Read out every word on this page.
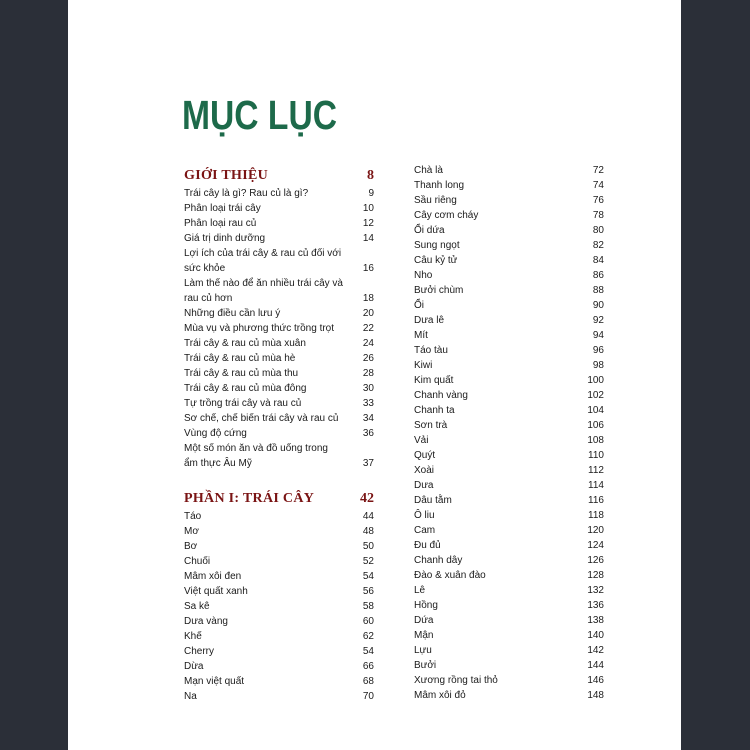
MỤC LỤC
GIỚI THIỆU	8
Trái cây là gì? Rau củ là gì?	9
Phân loại trái cây	10
Phân loại rau củ	12
Giá trị dinh dưỡng	14
Lợi ích của trái cây & rau củ đối với sức khỏe	16
Làm thế nào để ăn nhiều trái cây và rau củ hơn	18
Những điều cần lưu ý	20
Mùa vụ và phương thức trồng trọt	22
Trái cây & rau củ mùa xuân	24
Trái cây & rau củ mùa hè	26
Trái cây & rau củ mùa thu	28
Trái cây & rau củ mùa đông	30
Tự trồng trái cây và rau củ	33
Sơ chế, chế biến trái cây và rau củ	34
Vùng độ cứng	36
Một số món ăn và đồ uống trong ẩm thực Âu Mỹ	37
PHẦN I: TRÁI CÂY	42
Táo	44
Mơ	48
Bơ	50
Chuối	52
Mâm xôi đen	54
Việt quất xanh	56
Sa kê	58
Dưa vàng	60
Khế	62
Cherry	54
Dừa	66
Mạn việt quất	68
Na	70
Chà là	72
Thanh long	74
Sầu riêng	76
Cây cơm cháy	78
Ổi dứa	80
Sung ngọt	82
Câu kỷ tử	84
Nho	86
Bưởi chùm	88
Ổi	90
Dưa lê	92
Mít	94
Táo tàu	96
Kiwi	98
Kim quất	100
Chanh vàng	102
Chanh ta	104
Sơn trà	106
Vải	108
Quýt	110
Xoài	112
Dưa	114
Dâu tằm	116
Ô liu	118
Cam	120
Đu đủ	124
Chanh dây	126
Đào & xuân đào	128
Lê	132
Hồng	136
Dứa	138
Mận	140
Lựu	142
Bưởi	144
Xương rồng tai thỏ	146
Mâm xôi đỏ	148
